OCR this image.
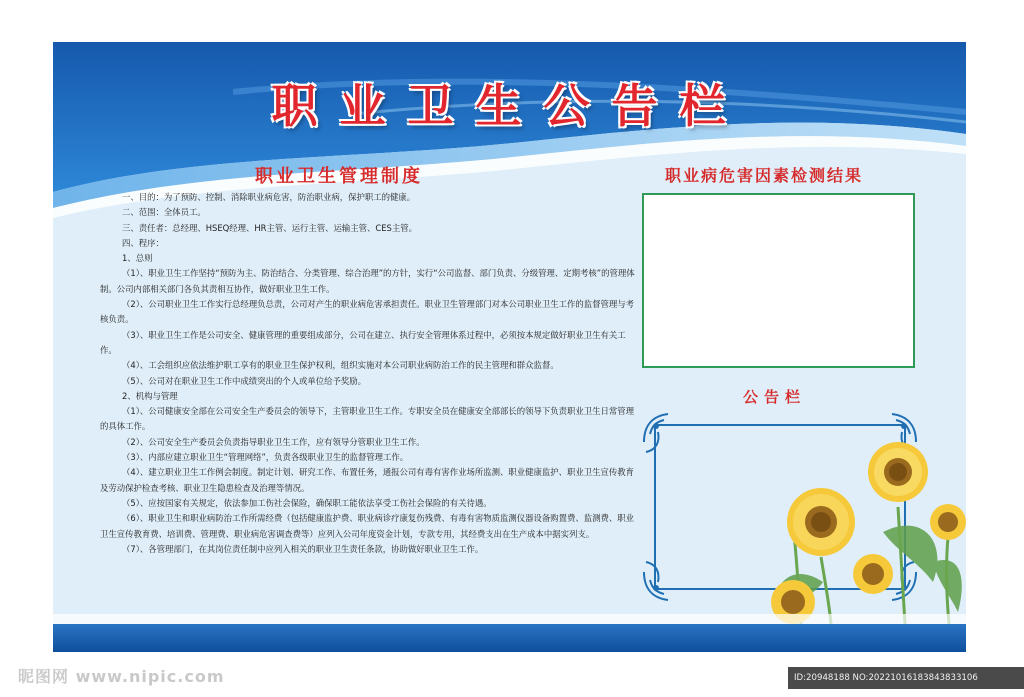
职业卫生公告栏
职业卫生管理制度	职业病危害因素检测结果

一、目的：为了预防、控制、消除职业病危害，防治职业病，保护职工的健康。

二、范围：全体员工。

三、责任者：总经理、HSEQ经理、HR主管、运行主管、运输主管、CES主管。

四、程序：

1、总则

（1）、职业卫生工作坚持“预防为主、防治结合、分类管理、综合治理”的方针，实行“公司监督、部门负责、分级管理、定期考核”的管理体制。公司内部相关部门各负其责相互协作，做好职业卫生工作。

（2）、公司职业卫生工作实行总经理负总责，公司对产生的职业病危害承担责任。职业卫生管理部门对本公司职业卫生工作的监督管理与考核负责。

（3）、职业卫生工作是公司安全、健康管理的重要组成部分，公司在建立、执行安全管理体系过程中，必须按本规定做好职业卫生有关工作。

（4）、工会组织应依法维护职工享有的职业卫生保护权利，组织实施对本公司职业病防治工作的民主管理和群众监督。

（5）、公司对在职业卫生工作中成绩突出的个人或单位给予奖励。

2、机构与管理

（1）、公司健康安全部在公司安全生产委员会的领导下，主管职业卫生工作。专职安全员在健康安全部部长的领导下负责职业卫生日常管理的具体工作。

（2）、公司安全生产委员会负责指导职业卫生工作，应有领导分管职业卫生工作。

（3）、内部应建立职业卫生“管理网络”，负责各级职业卫生的监督管理工作。

（4）、建立职业卫生工作例会制度。制定计划、研究工作、布置任务，通报公司有毒有害作业场所监测、职业健康监护、职业卫生宣传教育及劳动保护检查考核、职业卫生隐患检查及治理等情况。

（5）、应按国家有关规定，依法参加工伤社会保险，确保职工能依法享受工伤社会保险的有关待遇。

（6）、职业卫生和职业病防治工作所需经费（包括健康监护费、职业病诊疗康复伤残费、有毒有害物质监测仪器设备购置费、监测费、职业卫生宣传教育费、培训费、管理费、职业病危害调查费等）应列入公司年度资金计划，专款专用，其经费支出在生产成本中据实列支。

（7）、各管理部门，在其岗位责任制中应列入相关的职业卫生责任条款，协助做好职业卫生工作。

公告栏
昵图网 www.nipic.com	ID:20948188 NO:20221016183843833106
